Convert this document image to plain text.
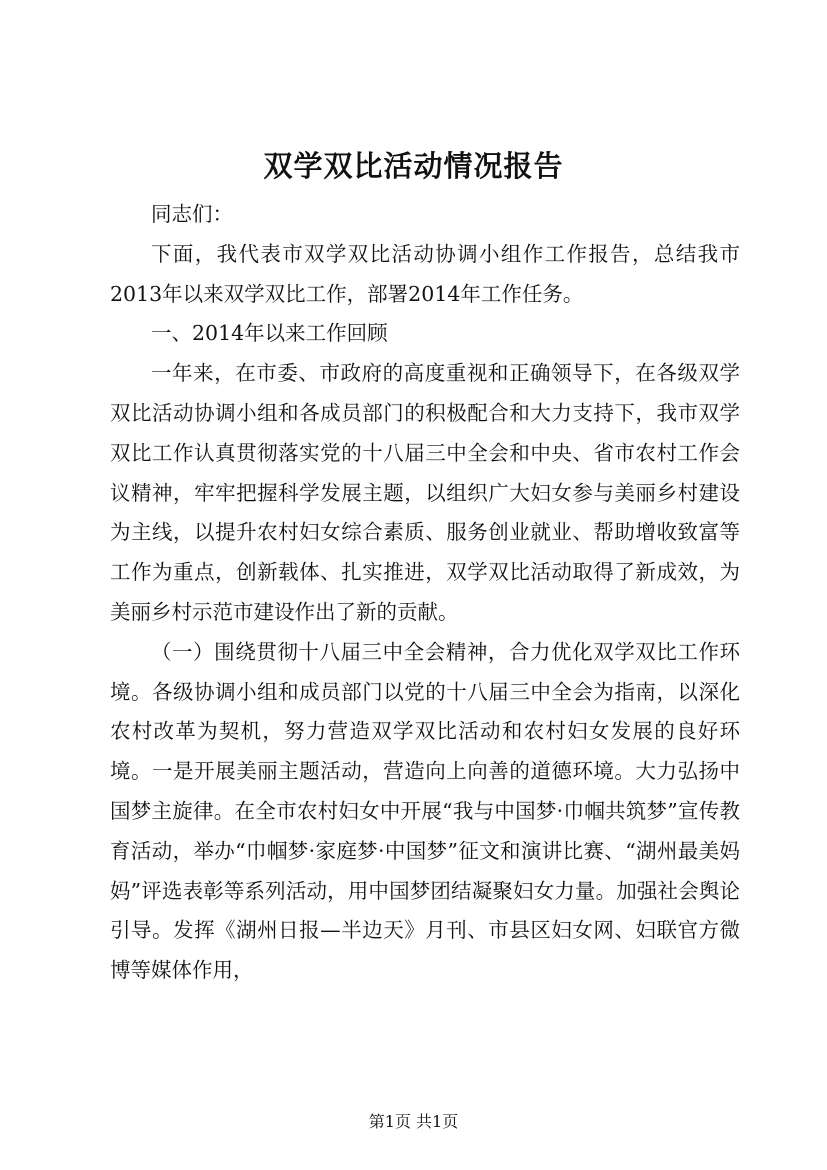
双学双比活动情况报告

同志们：

下面，我代表市双学双比活动协调小组作工作报告，总结我市2013年以来双学双比工作，部署2014年工作任务。

一、2014年以来工作回顾

一年来，在市委、市政府的高度重视和正确领导下，在各级双学双比活动协调小组和各成员部门的积极配合和大力支持下，我市双学双比工作认真贯彻落实党的十八届三中全会和中央、省市农村工作会议精神，牢牢把握科学发展主题，以组织广大妇女参与美丽乡村建设为主线，以提升农村妇女综合素质、服务创业就业、帮助增收致富等工作为重点，创新载体、扎实推进，双学双比活动取得了新成效，为美丽乡村示范市建设作出了新的贡献。

（一）围绕贯彻十八届三中全会精神，合力优化双学双比工作环境。各级协调小组和成员部门以党的十八届三中全会为指南，以深化农村改革为契机，努力营造双学双比活动和农村妇女发展的良好环境。一是开展美丽主题活动，营造向上向善的道德环境。大力弘扬中国梦主旋律。在全市农村妇女中开展“我与中国梦·巾帼共筑梦”宣传教育活动，举办“巾帼梦·家庭梦·中国梦”征文和演讲比赛、“湖州最美妈妈”评选表彰等系列活动，用中国梦团结凝聚妇女力量。加强社会舆论引导。发挥《湖州日报—半边天》月刊、市县区妇女网、妇联官方微博等媒体作用，

第1页 共1页
